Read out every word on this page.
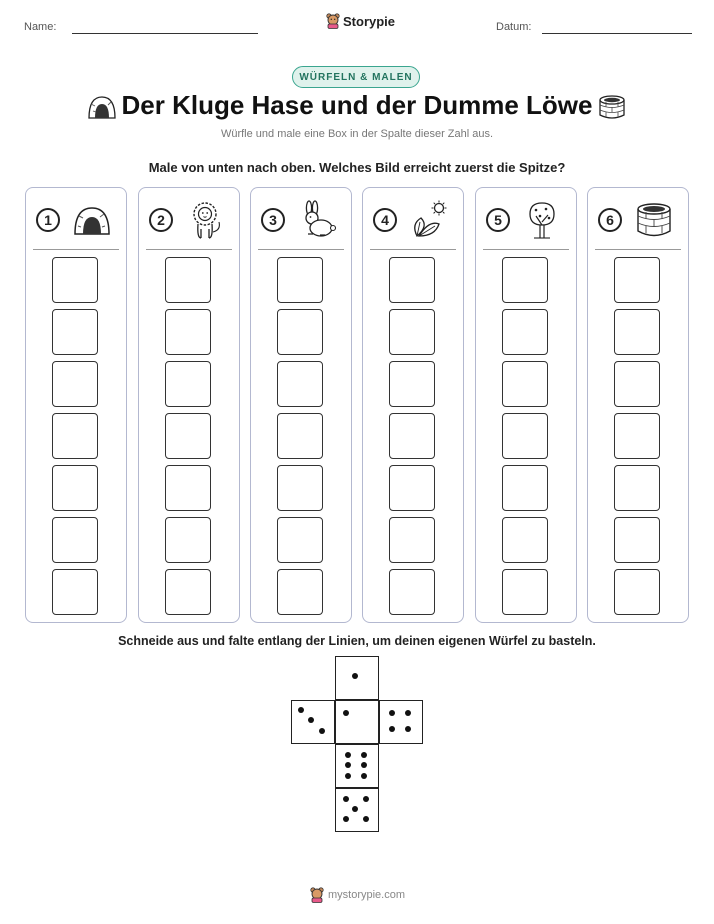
Name:	Storypie	Datum:
WÜRFELN & MALEN
Der Kluge Hase und der Dumme Löwe
Würfle und male eine Box in der Spalte dieser Zahl aus.
Male von unten nach oben. Welches Bild erreicht zuerst die Spitze?
1	2	3	4	5	6
Schneide aus und falte entlang der Linien, um deinen eigenen Würfel zu basteln.
mystorypie.com
